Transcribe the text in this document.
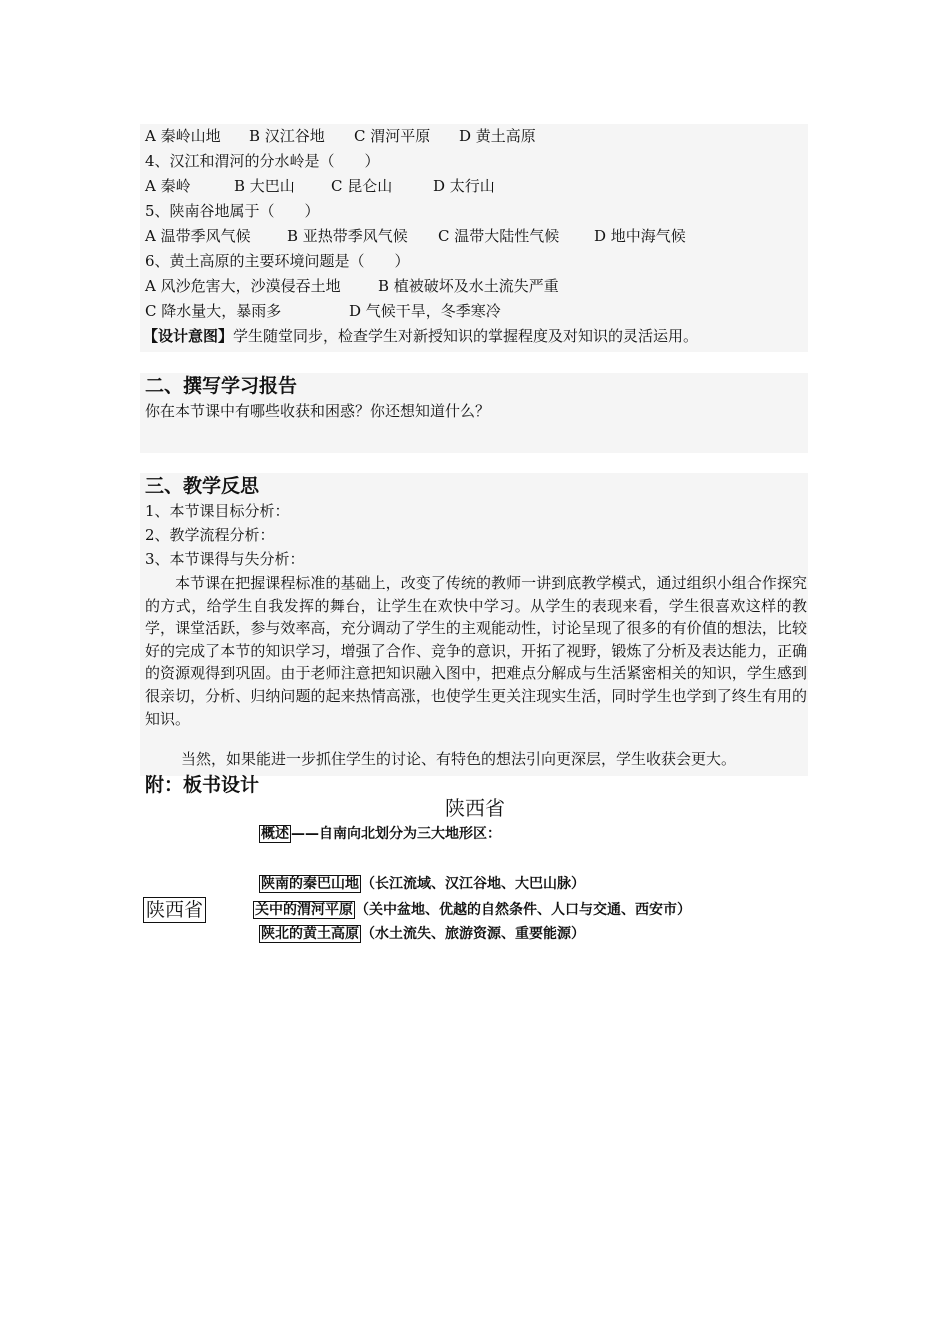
A 秦岭山地 B 汉江谷地 C 渭河平原 D 黄土高原
4、汉江和渭河的分水岭是（　　）
A 秦岭	B 大巴山 C 昆仑山	D 太行山
5、陕南谷地属于（　　）
A 温带季风气候 B 亚热带季风气候 C 温带大陆性气候 D 地中海气候
6、黄土高原的主要环境问题是（　　）
A 风沙危害大，沙漠侵吞土地 B 植被破坏及水土流失严重
C 降水量大，暴雨多	D 气候干旱，冬季寒冷
【设计意图】学生随堂同步，检查学生对新授知识的掌握程度及对知识的灵活运用。
二、撰写学习报告
你在本节课中有哪些收获和困惑？你还想知道什么？
三、教学反思
1、本节课目标分析：
2、教学流程分析：
3、本节课得与失分析：
本节课在把握课程标准的基础上，改变了传统的教师一讲到底教学模式，通过组织小组合作探究的方式，给学生自我发挥的舞台，让学生在欢快中学习。从学生的表现来看，学生很喜欢这样的教学，课堂活跃，参与效率高，充分调动了学生的主观能动性，讨论呈现了很多的有价值的想法，比较好的完成了本节的知识学习，增强了合作、竞争的意识，开拓了视野，锻炼了分析及表达能力，正确的资源观得到巩固。由于老师注意把知识融入图中，把难点分解成与生活紧密相关的知识，学生感到很亲切，分析、归纳问题的起来热情高涨，也使学生更关注现实生活，同时学生也学到了终生有用的知识。
当然，如果能进一步抓住学生的讨论、有特色的想法引向更深层，学生收获会更大。
附：板书设计
陕西省
概述 ——自南向北划分为三大地形区：
陕西省
陕南的秦巴山地 （长江流域、汉江谷地、大巴山脉）
关中的渭河平原 （关中盆地、优越的自然条件、人口与交通、西安市）
陕北的黄土高原 （水土流失、旅游资源、重要能源）
